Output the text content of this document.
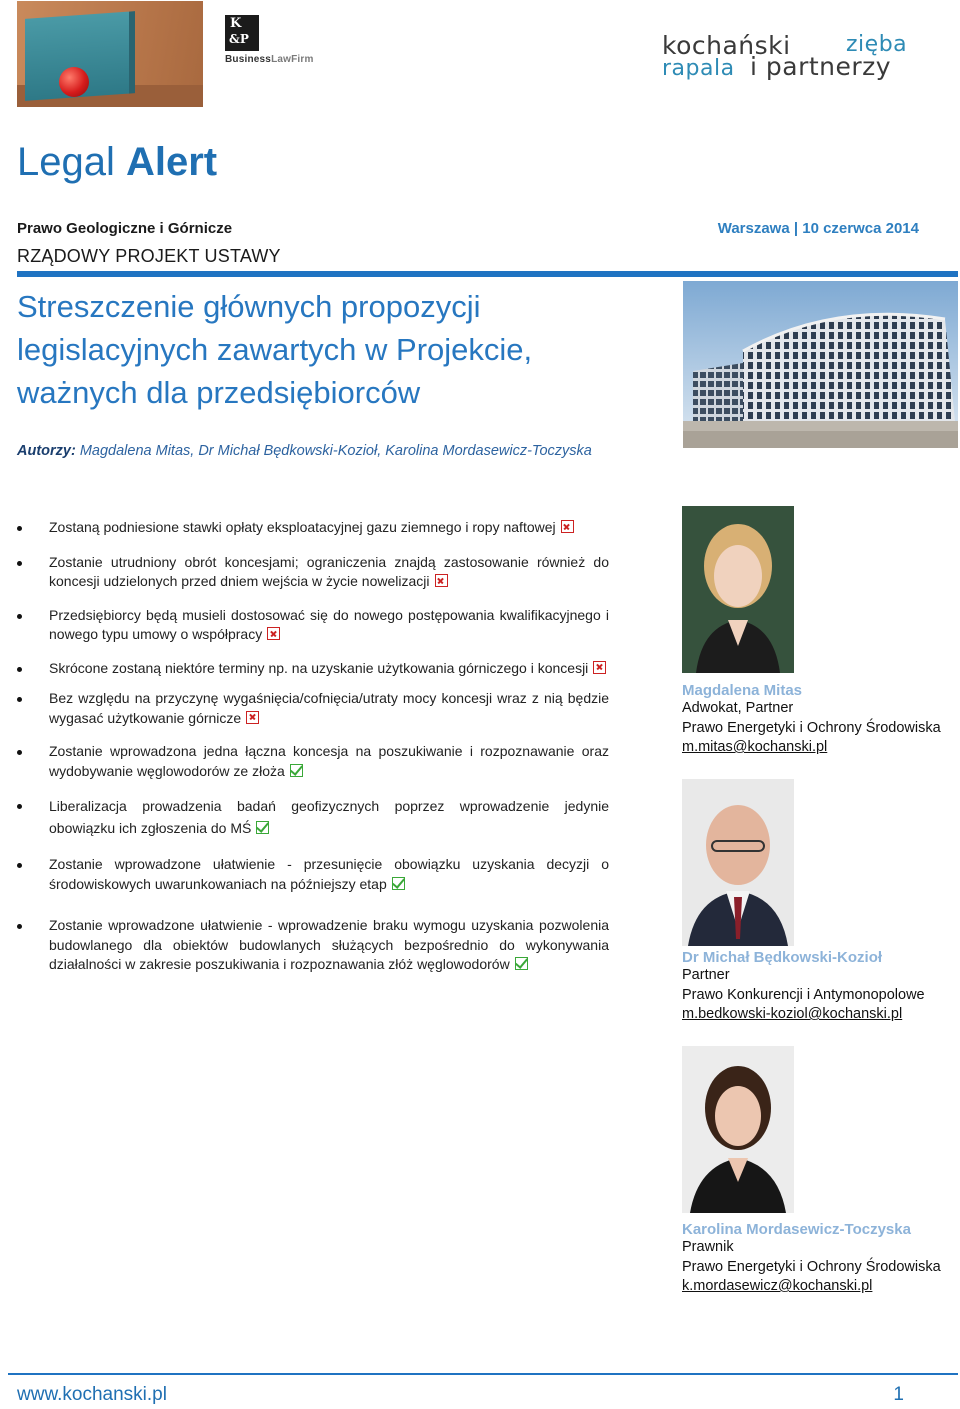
K
&P
BusinessLawFirm	kochański	zięba
rapala i partnerzy
Legal Alert
Prawo Geologiczne i Górnicze
RZĄDOWY PROJEKT USTAWY
Warszawa | 10 czerwca 2014
Streszczenie głównych propozycji legislacyjnych zawartych w Projekcie, ważnych dla przedsiębiorców
Autorzy: Magdalena Mitas, Dr Michał Będkowski-Kozioł, Karolina Mordasewicz-Toczyska
Zostaną podniesione stawki opłaty eksploatacyjnej gazu ziemnego i ropy naftowej
Zostanie utrudniony obrót koncesjami; ograniczenia znajdą zastosowanie również do koncesji udzielonych przed dniem wejścia w życie nowelizacji
Przedsiębiorcy będą musieli dostosować się do nowego postępowania kwalifikacyjnego i nowego typu umowy o współpracy
Skrócone zostaną niektóre terminy np. na uzyskanie użytkowania górniczego i koncesji
Bez względu na przyczynę wygaśnięcia/cofnięcia/utraty mocy koncesji wraz z nią będzie wygasać użytkowanie górnicze
Zostanie wprowadzona jedna łączna koncesja na poszukiwanie i rozpoznawanie oraz wydobywanie węglowodorów ze złoża
Liberalizacja prowadzenia badań geofizycznych poprzez wprowadzenie jedynie obowiązku ich zgłoszenia do MŚ
Zostanie wprowadzone ułatwienie - przesunięcie obowiązku uzyskania decyzji o środowiskowych uwarunkowaniach na późniejszy etap
Zostanie wprowadzone ułatwienie - wprowadzenie braku wymogu uzyskania pozwolenia budowlanego dla obiektów budowlanych służących bezpośrednio do wykonywania działalności w zakresie poszukiwania i rozpoznawania złóż węglowodorów
Magdalena Mitas
Adwokat, Partner
Prawo Energetyki i Ochrony Środowiska
m.mitas@kochanski.pl
Dr Michał Będkowski-Kozioł
Partner
Prawo Konkurencji i Antymonopolowe
m.bedkowski-koziol@kochanski.pl
Karolina Mordasewicz-Toczyska
Prawnik
Prawo Energetyki i Ochrony Środowiska
k.mordasewicz@kochanski.pl
www.kochanski.pl	1
